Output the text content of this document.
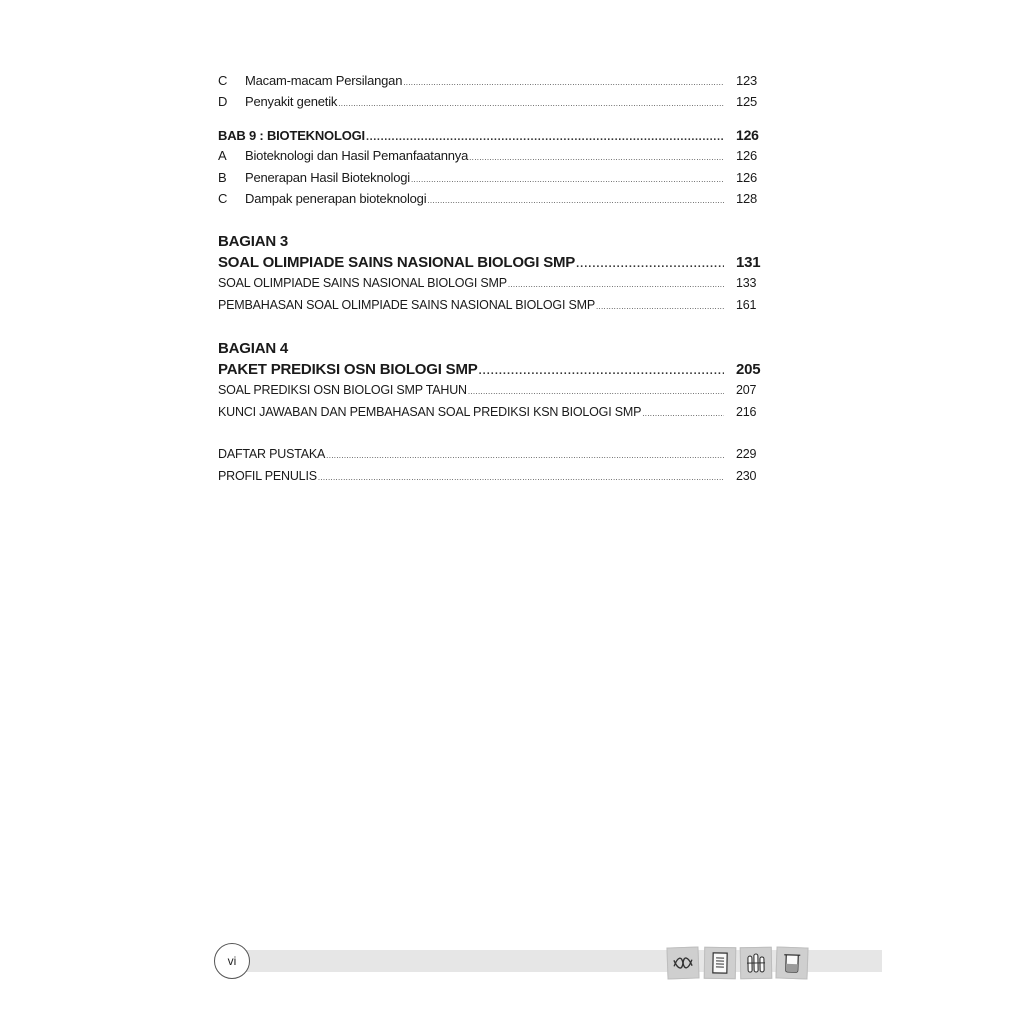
C	Macam-macam Persilangan .....	123
D	Penyakit genetik .....	125
BAB 9 : BIOTEKNOLOGI .....	126
A	Bioteknologi dan Hasil Pemanfaatannya .....	126
B	Penerapan Hasil Bioteknologi .....	126
C	Dampak penerapan bioteknologi .....	128
BAGIAN 3
SOAL OLIMPIADE SAINS NASIONAL BIOLOGI SMP .....	131
SOAL OLIMPIADE SAINS NASIONAL BIOLOGI SMP .....	133
PEMBAHASAN SOAL OLIMPIADE SAINS NASIONAL BIOLOGI SMP .....	161
BAGIAN 4
PAKET PREDIKSI OSN BIOLOGI SMP .....	205
SOAL PREDIKSI OSN BIOLOGI SMP TAHUN .....	207
KUNCI JAWABAN DAN PEMBAHASAN SOAL PREDIKSI KSN BIOLOGI SMP .....	216
DAFTAR PUSTAKA .....	229
PROFIL PENULIS .....	230
vi
